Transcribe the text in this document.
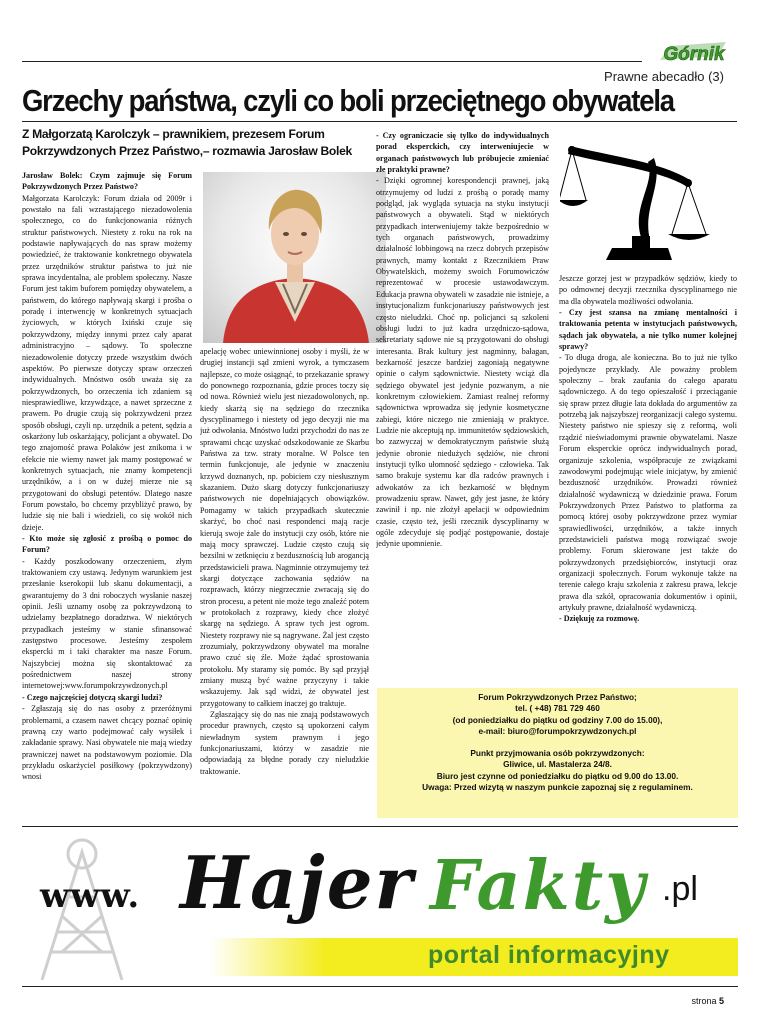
Górnik
Prawne abecadło (3)
Grzechy państwa, czyli co boli przeciętnego obywatela
Z Małgorzatą Karolczyk – prawnikiem, prezesem Forum Pokrzywdzonych Przez Państwo,– rozmawia Jarosław Bolek

Jarosław Bolek: Czym zajmuje się Forum Pokrzywdzonych Przez Państwo?

Małgorzata Karolczyk: Forum działa od 2009r i powstało na fali wzrastającego niezadowolenia społecznego, co do funkcjonowania różnych struktur państwowych. Niestety z roku na rok na podstawie napływających do nas spraw możemy powiedzieć, że traktowanie konkretnego obywatela przez urzędników struktur państwa to już nie sprawa incydentalna, ale problem społeczny. Nasze Forum jest takim buforem pomiędzy obywatelem, a państwem, do którego napływają skargi i prośba o poradę i interwencję w konkretnych sytuacjach życiowych, w których Ixiński czuje się pokrzywdzony, między innymi przez cały aparat administracyjno – sądowy. To społeczne niezadowolenie dotyczy przede wszystkim dwóch aspektów. Po pierwsze dotyczy spraw orzeczeń indywidualnych. Mnóstwo osób uważa się za pokrzywdzonych, bo orzeczenia ich zdaniem są niesprawiedliwe, krzywdzące, a nawet sprzeczne z prawem. Po drugie czują się pokrzywdzeni przez sposób obsługi, czyli np. urzędnik a petent, sędzia a oskarżony lub oskarżający, policjant a obywatel. Do tego znajomość prawa Polaków jest znikoma i w efekcie nie wiemy nawet jak mamy postępować w konkretnych sytuacjach, nie znamy kompetencji urzędników, a i on w dużej mierze nie są przygotowani do obsługi petentów. Dlatego nasze Forum powstało, bo chcemy przybliżyć prawo, by ludzie się nie bali i wiedzieli, co się wokół nich dzieje.

- Kto może się zgłosić z prośbą o pomoc do Forum?

- Każdy poszkodowany orzeczeniem, złym traktowaniem czy ustawą. Jedynym warunkiem jest przesłanie kserokopii lub skanu dokumentacji, a gwarantujemy do 3 dni roboczych wysłanie naszej opinii. Jeśli uznamy osobę za pokrzywdzoną to udzielamy bezpłatnego doradztwa. W niektórych przypadkach jesteśmy w stanie sfinansować zastępstwo procesowe. Jesteśmy zespołem ekspercki m i taki charakter ma nasze Forum. Najszybciej można się skontaktować za pośrednictwem naszej strony internetowej:www.forumpokrzywdzonych.pl

- Czego najczęściej dotyczą skargi ludzi?

- Zgłaszają się do nas osoby z przeróżnymi problemami, a czasem nawet chcący poznać opinię prawną czy warto podejmować cały wysiłek i zakładanie sprawy. Nasi obywatele nie mają wiedzy prawniczej nawet na podstawowym poziomie. Dla przykładu oskarżyciel posiłkowy (pokrzywdzony) wnosi

apelację wobec uniewinnionej osoby i myśli, że w drugiej instancji sąd zmieni wyrok, a tymczasem najlepsze, co może osiągnąć, to przekazanie sprawy do ponownego rozpoznania, gdzie proces toczy się od nowa. Również wielu jest niezadowolonych, np. kiedy skarżą się na sędziego do rzecznika dyscyplinarnego i niestety od jego decyzji nie ma już odwołania. Mnóstwo ludzi przychodzi do nas ze sprawami chcąc uzyskać odszkodowanie ze Skarbu Państwa za tzw. straty moralne. W Polsce ten termin funkcjonuje, ale jedynie w znaczeniu krzywd doznanych, np. pobiciem czy niesłusznym skazaniem. Dużo skarg dotyczy funkcjonariuszy państwowych nie dopełniających obowiązków. Pomagamy w takich przypadkach skutecznie skarżyć, bo choć nasi respondenci mają racje kierują swoje żale do instytucji czy osób, które nie mają mocy sprawczej. Ludzie często czują się bezsilni w zetknięciu z bezdusznością lub arogancją przedstawicieli prawa. Nagminnie otrzymujemy też skargi dotyczące zachowania sędziów na rozprawach, którzy niegrzecznie zwracają się do stron procesu, a petent nie może tego znaleźć potem w protokołach z rozprawy, kiedy chce złożyć skargę na sędziego. A spraw tych jest ogrom. Niestety rozprawy nie są nagrywane. Żal jest często zrozumiały, pokrzywdzony obywatel ma moralne prawo czuć się źle. Może żądać sprostowania protokołu. My staramy się pomóc. By sąd przyjął zmiany muszą być ważne przyczyny i takie wskazujemy. Jak sąd widzi, że obywatel jest przygotowany to całkiem inaczej go traktuje.

Zgłaszający się do nas nie znają podstawowych procedur prawnych, często są upokorzeni całym niewładnym system prawnym i jego funkcjonariuszami, którzy w zasadzie nie odpowiadają za błędne porady czy nieludzkie traktowanie.

- Czy ograniczacie się tylko do indywidualnych porad eksperckich, czy interweniujecie w organach państwowych lub próbujecie zmieniać złe praktyki prawne?

- Dzięki ogromnej korespondencji prawnej, jaką otrzymujemy od ludzi z prośbą o poradę mamy podgląd, jak wygląda sytuacja na styku instytucji państwowych a obywateli. Stąd w niektórych przypadkach interweniujemy także bezpośrednio w tych organach państwowych, prowadzimy działalność lobbingową na rzecz dobrych przepisów prawnych, mamy kontakt z Rzecznikiem Praw Obywatelskich, możemy swoich Forumowiczów reprezentować w procesie ustawodawczym. Edukacja prawna obywateli w zasadzie nie istnieje, a instytucjonalizm funkcjonariuszy państwowych jest często nieludzki. Choć np. policjanci są szkoleni obsługi ludzi to już kadra urzędniczo-sądowa, sekretariaty sądowe nie są przygotowani do obsługi interesanta. Brak kultury jest nagminny, bałagan, bezkarność jeszcze bardziej zagoniają negatywne opinie o całym sądownictwie. Niestety wciąż dla sędziego obywatel jest jedynie pozwanym, a nie konkretnym człowiekiem. Zamiast realnej reformy sądownictwa wprowadza się jedynie kosmetyczne zabiegi, które niczego nie zmieniają w praktyce. Ludzie nie akceptują np. immunitetów sędziowskich, bo zazwyczaj w demokratycznym państwie służą jedynie obronie niedużych sędziów, nie chroni instytucji tylko ułomność sędziego - człowieka. Tak samo brakuje systemu kar dla radców prawnych i adwokatów za ich bezkarność w błędnym prowadzeniu spraw. Nawet, gdy jest jasne, że który zawinił i np. nie złożył apelacji w odpowiednim czasie, często też, jeśli rzecznik dyscyplinarny w ogóle zdecyduje się podjąć postępowanie, dostaje jedynie upomnienie.

Jeszcze gorzej jest w przypadków sędziów, kiedy to po odmownej decyzji rzecznika dyscyplinarnego nie ma dla obywatela możliwości odwołania.

- Czy jest szansa na zmianę mentalności i traktowania petenta w instytucjach państwowych, sądach jak obywatela, a nie tylko numer kolejnej sprawy?

- To długa droga, ale konieczna. Bo to już nie tylko pojedyncze przykłady. Ale poważny problem społeczny – brak zaufania do całego aparatu sądowniczego. A do tego opieszałość i przeciąganie się spraw przez długie lata dokłada do argumentów za potrzebą jak najszybszej reorganizacji całego systemu. Niestety państwo nie spieszy się z reformą, woli rządzić nieświadomymi prawnie obywatelami. Nasze Forum eksperckie oprócz indywidualnych porad, organizuje szkolenia, współpracuje ze związkami zawodowymi podejmując wiele inicjatyw, by zmienić bezduszność urzędników. Prowadzi również działalność wydawniczą w dziedzinie prawa. Forum Pokrzywdzonych Przez Państwo to platforma za pomocą której osoby pokrzywdzone przez wymiar sprawiedliwości, urzędników, a także innych przedstawicieli państwa mogą rozwiązać swoje problemy. Forum skierowane jest także do pokrzywdzonych przedsiębiorców, instytucji oraz organizacji społecznych. Forum wykonuje także na terenie całego kraju szkolenia z zakresu prawa, lekcje prawa dla szkół, opracowania dokumentów i opinii, artykuły prawne, działalność wydawniczą.

- Dziękuję za rozmowę.

Forum Pokrzywdzonych Przez Państwo;
tel. ( +48) 781 729 460
(od poniedziałku do piątku od godziny 7.00 do 15.00),
e-mail: biuro@forumpokrzywdzonych.pl
Punkt przyjmowania osób pokrzywdzonych:
Gliwice, ul. Mastalerza 24/8.
Biuro jest czynne od poniedziałku do piątku od 9.00 do 13.00.
Uwaga: Przed wizytą w naszym punkcie zapoznaj się z regulaminem.
www. Hajer Fakty .pl
portal informacyjny
strona 5
